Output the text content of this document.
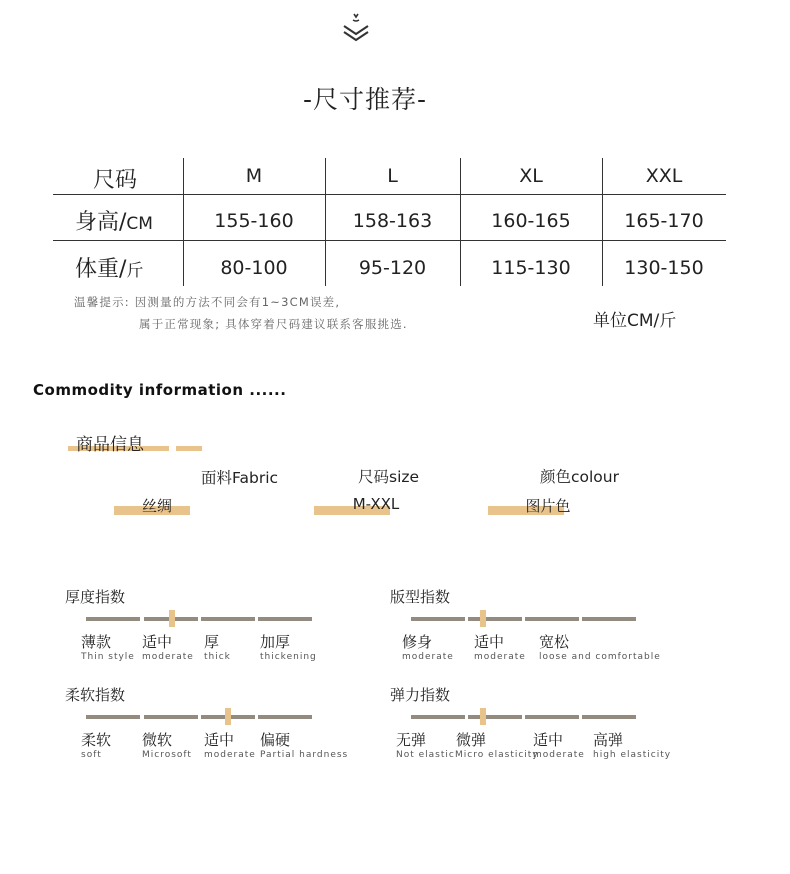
-尺寸推荐-
尺码	M	L	XL	XXL
身高/CM	155-160	158-163	160-165	165-170
体重/斤	80-100	95-120	115-130	130-150
温馨提示: 因测量的方法不同会有1~3CM误差,
属于正常现象; 具体穿着尺码建议联系客服挑选.	单位CM/斤
Commodity information ......
商品信息
面料Fabric	尺码size	颜色colour
丝绸	M-XXL	图片色
厚度指数
薄款
Thin style
适中
moderate
厚
thick
加厚
thickening
版型指数
修身
moderate
适中
moderate
宽松
loose and comfortable
柔软指数
柔软
soft
微软
Microsoft
适中
moderate
偏硬
Partial hardness
弹力指数
无弹
Not elastic
微弹
Micro elasticity
适中
moderate
高弹
high elasticity
